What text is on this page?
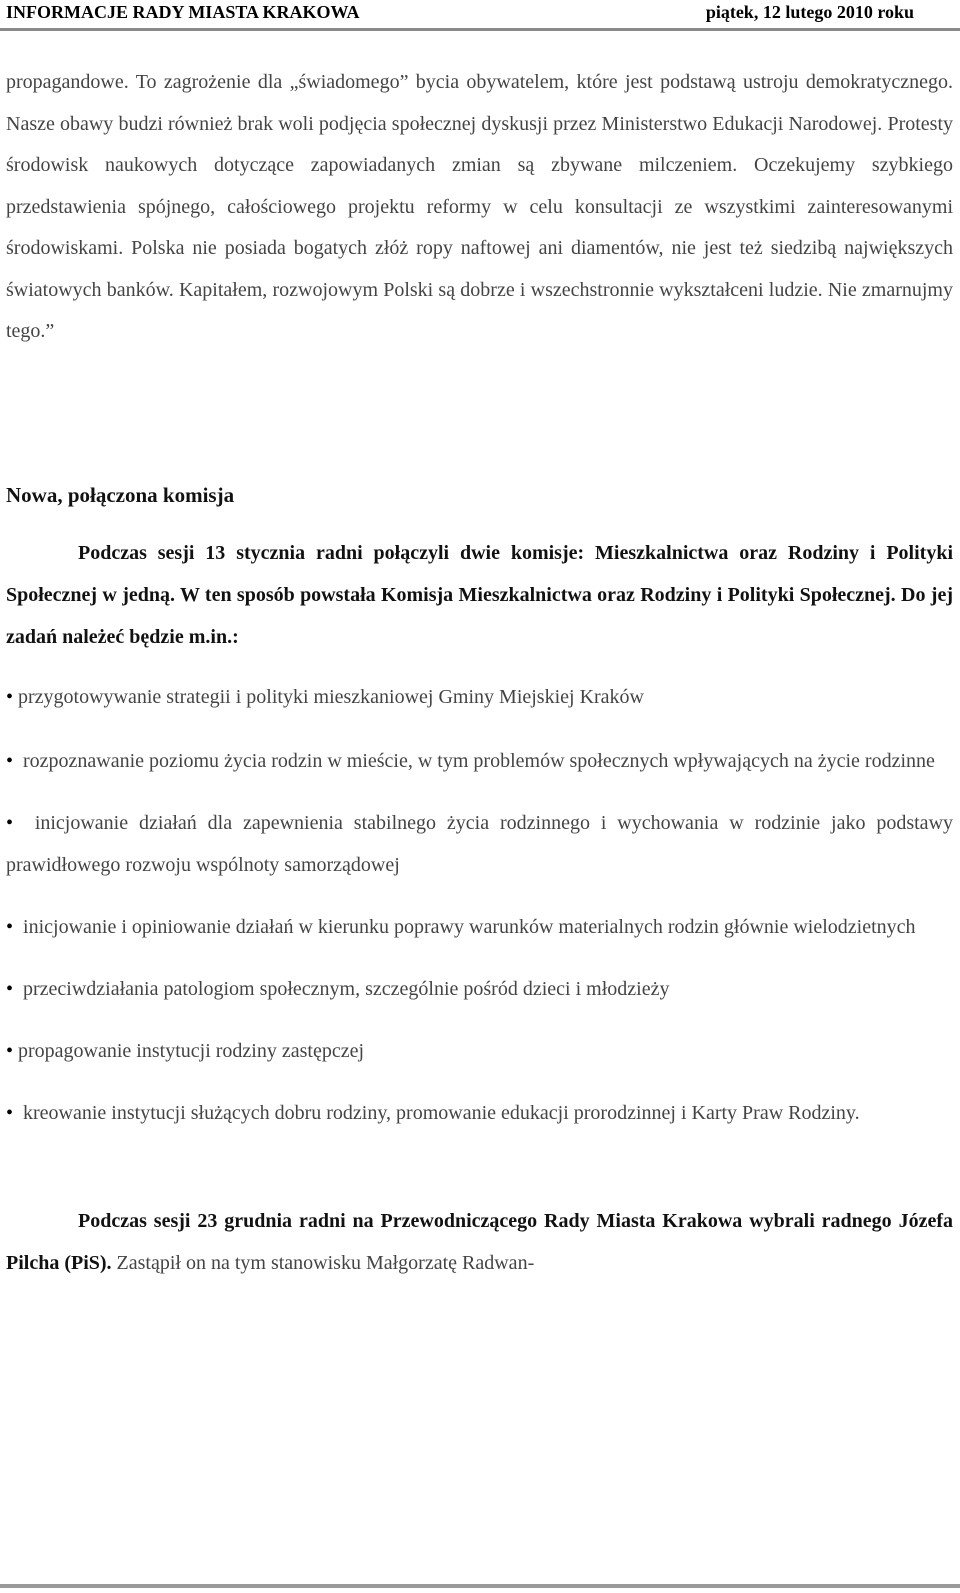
INFORMACJE RADY MIASTA KRAKOWA	piątek, 12 lutego 2010 roku

propagandowe. To zagrożenie dla „świadomego” bycia obywatelem, które jest podstawą ustroju demokratycznego. Nasze obawy budzi również brak woli podjęcia społecznej dyskusji przez Ministerstwo Edukacji Narodowej. Protesty środowisk naukowych dotyczące zapowiadanych zmian są zbywane milczeniem. Oczekujemy szybkiego przedstawienia spójnego, całościowego projektu reformy w celu konsultacji ze wszystkimi zainteresowanymi środowiskami. Polska nie posiada bogatych złóż ropy naftowej ani diamentów, nie jest też siedzibą największych światowych banków. Kapitałem, rozwojowym Polski są dobrze i wszechstronnie wykształceni ludzie. Nie zmarnujmy tego.”

Nowa, połączona komisja

Podczas sesji 13 stycznia radni połączyli dwie komisje: Mieszkalnictwa oraz Rodziny i Polityki Społecznej w jedną. W ten sposób powstała Komisja Mieszkalnictwa oraz Rodziny i Polityki Społecznej. Do jej zadań należeć będzie m.in.:

• przygotowywanie strategii i polityki mieszkaniowej Gminy Miejskiej Kraków
• rozpoznawanie poziomu życia rodzin w mieście, w tym problemów społecznych wpływających na życie rodzinne
• inicjowanie działań dla zapewnienia stabilnego życia rodzinnego i wychowania w rodzinie jako podstawy prawidłowego rozwoju wspólnoty samorządowej
• inicjowanie i opiniowanie działań w kierunku poprawy warunków materialnych rodzin głównie wielodzietnych
• przeciwdziałania patologiom społecznym, szczególnie pośród dzieci i młodzieży
• propagowanie instytucji rodziny zastępczej
• kreowanie instytucji służących dobru rodziny, promowanie edukacji prorodzinnej i Karty Praw Rodziny.

Podczas sesji 23 grudnia radni na Przewodniczącego Rady Miasta Krakowa wybrali radnego Józefa Pilcha (PiS). Zastąpił on na tym stanowisku Małgorzatę Radwan-
